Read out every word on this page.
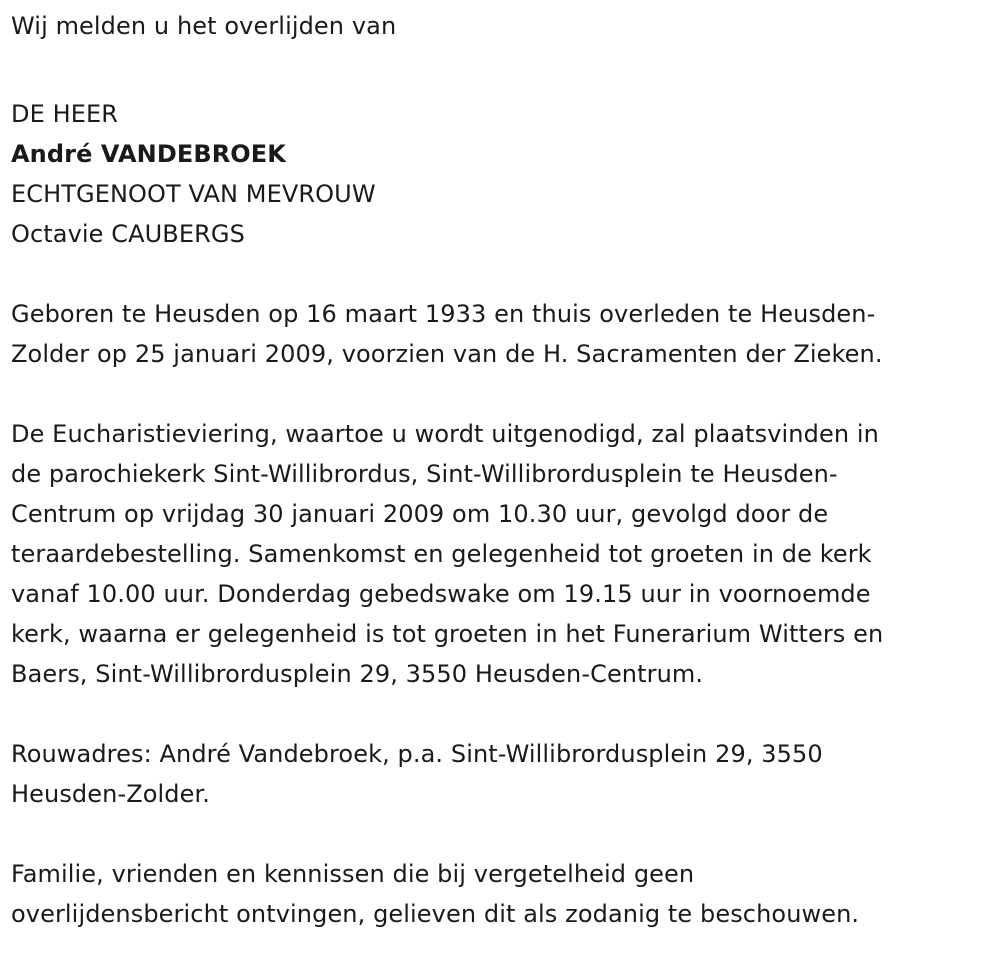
Wij melden u het overlijden van
DE HEER
André VANDEBROEK
ECHTGENOOT VAN MEVROUW
Octavie CAUBERGS

Geboren te Heusden op 16 maart 1933 en thuis overleden te Heusden-

Zolder op 25 januari 2009, voorzien van de H. Sacramenten der Zieken.

De Eucharistieviering, waartoe u wordt uitgenodigd, zal plaatsvinden in

de parochiekerk Sint-Willibrordus, Sint-Willibrordusplein te Heusden-

Centrum op vrijdag 30 januari 2009 om 10.30 uur, gevolgd door de

teraardebestelling. Samenkomst en gelegenheid tot groeten in de kerk

vanaf 10.00 uur. Donderdag gebedswake om 19.15 uur in voornoemde

kerk, waarna er gelegenheid is tot groeten in het Funerarium Witters en

Baers, Sint-Willibrordusplein 29, 3550 Heusden-Centrum.

Rouwadres: André Vandebroek, p.a. Sint-Willibrordusplein 29, 3550

Heusden-Zolder.

Familie, vrienden en kennissen die bij vergetelheid geen

overlijdensbericht ontvingen, gelieven dit als zodanig te beschouwen.
